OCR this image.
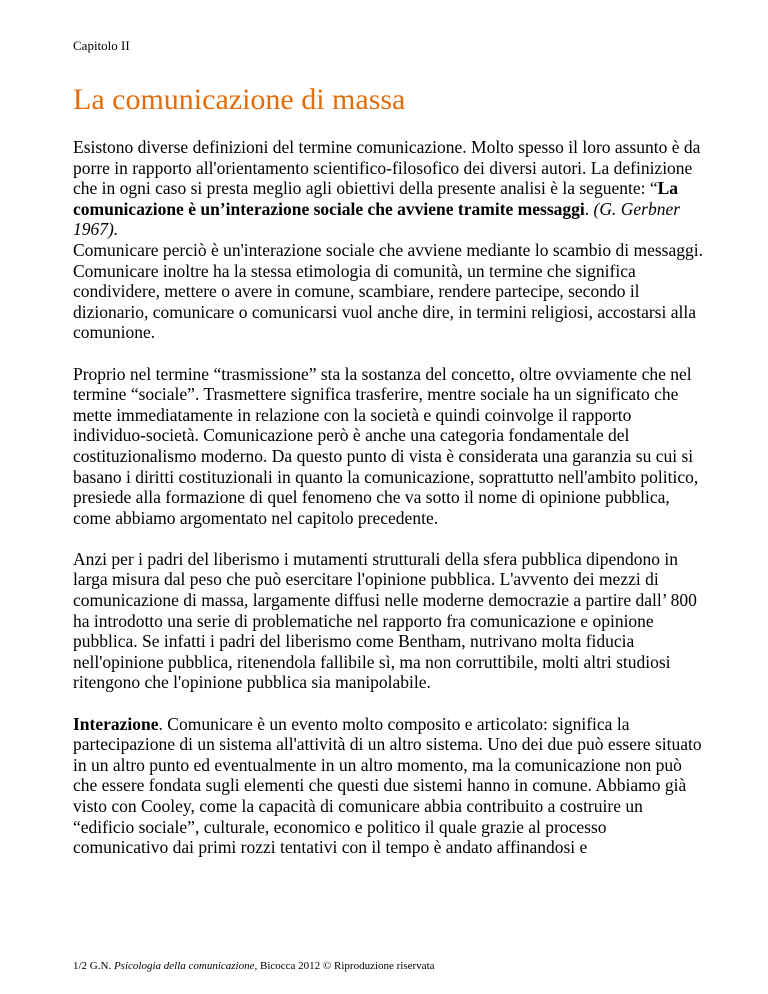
Capitolo II
La comunicazione di massa

Esistono diverse definizioni del termine comunicazione. Molto spesso il loro assunto è da porre in rapporto all'orientamento scientifico-filosofico dei diversi autori. La definizione che in ogni caso si presta meglio agli obiettivi della presente analisi è la seguente: “La comunicazione è un’interazione sociale che avviene tramite messaggi. (G. Gerbner 1967).
Comunicare perciò è un'interazione sociale che avviene mediante lo scambio di messaggi. Comunicare inoltre ha la stessa etimologia di comunità, un termine che significa condividere, mettere o avere in comune, scambiare, rendere partecipe, secondo il dizionario, comunicare o comunicarsi vuol anche dire, in termini religiosi, accostarsi alla comunione.

Proprio nel termine “trasmissione” sta la sostanza del concetto, oltre ovviamente che nel termine “sociale”. Trasmettere significa trasferire, mentre sociale ha un significato che mette immediatamente in relazione con la società e quindi coinvolge il rapporto individuo-società. Comunicazione però è anche una categoria fondamentale del costituzionalismo moderno. Da questo punto di vista è considerata una garanzia su cui si basano i diritti costituzionali in quanto la comunicazione, soprattutto nell'ambito politico, presiede alla formazione di quel fenomeno che va sotto il nome di opinione pubblica, come abbiamo argomentato nel capitolo precedente.

Anzi per i padri del liberismo i mutamenti strutturali della sfera pubblica dipendono in larga misura dal peso che può esercitare l'opinione pubblica. L'avvento dei mezzi di comunicazione di massa, largamente diffusi nelle moderne democrazie a partire dall’ 800 ha introdotto una serie di problematiche nel rapporto fra comunicazione e opinione pubblica. Se infatti i padri del liberismo come Bentham, nutrivano molta fiducia nell'opinione pubblica, ritenendola fallibile sì, ma non corruttibile, molti altri studiosi ritengono che l'opinione pubblica sia manipolabile.

Interazione. Comunicare è un evento molto composito e articolato: significa la partecipazione di un sistema all'attività di un altro sistema. Uno dei due può essere situato in un altro punto ed eventualmente in un altro momento, ma la comunicazione non può che essere fondata sugli elementi che questi due sistemi hanno in comune. Abbiamo già visto con Cooley, come la capacità di comunicare abbia contribuito a costruire un “edificio sociale”, culturale, economico e politico il quale grazie al processo comunicativo dai primi rozzi tentativi con il tempo è andato affinandosi e

1/2 G.N. Psicologia della comunicazione, Bicocca 2012 © Riproduzione riservata
